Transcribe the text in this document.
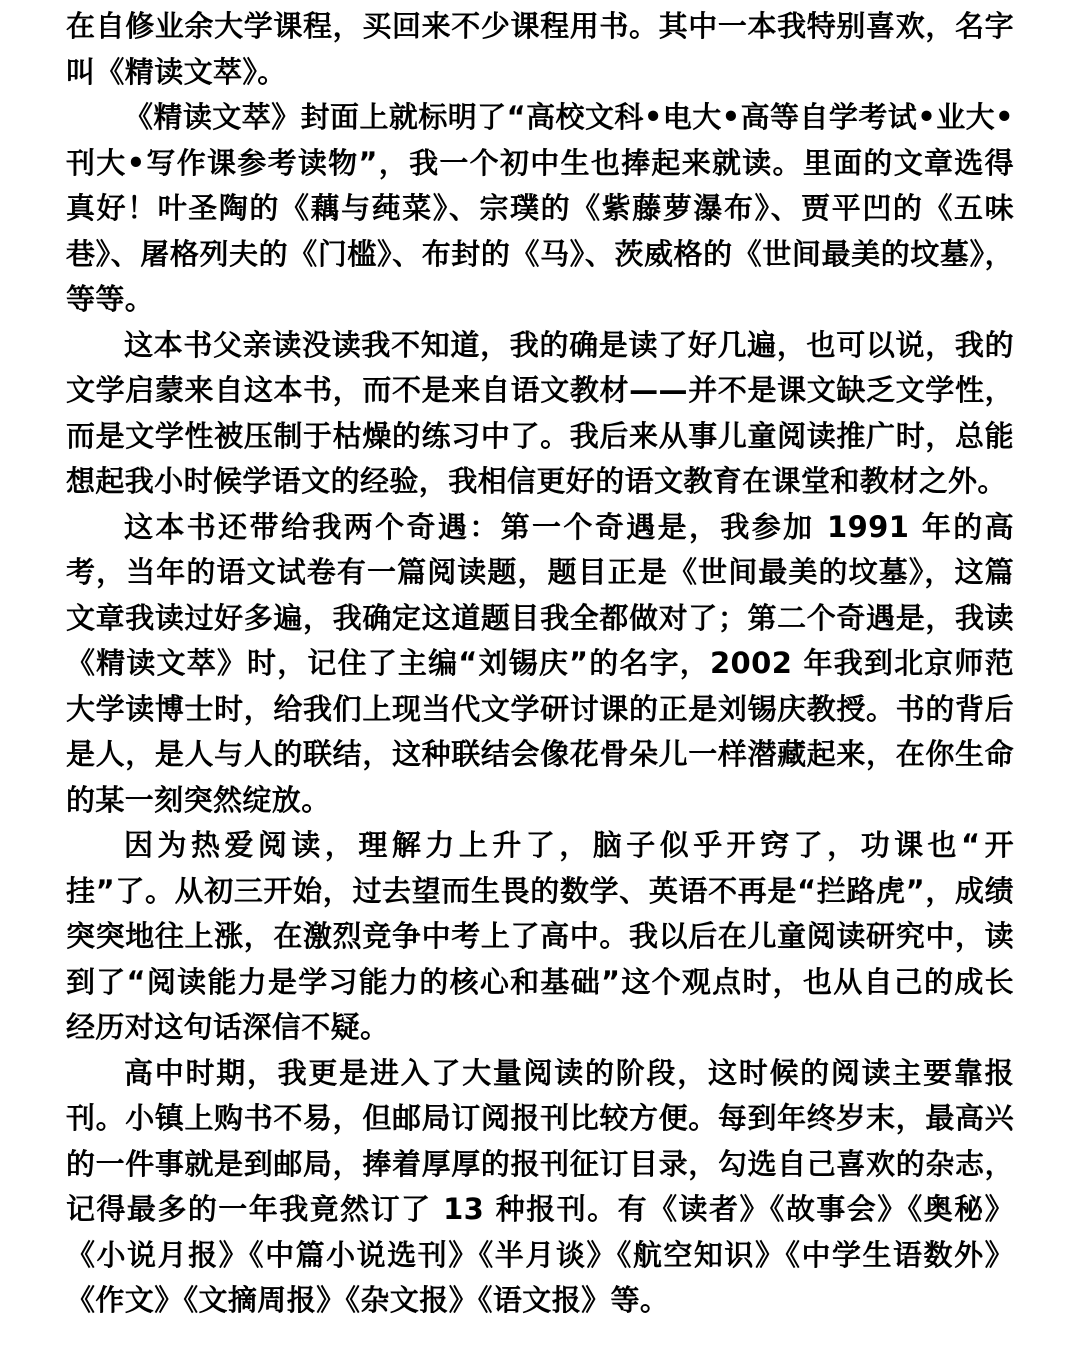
在自修业余大学课程，买回来不少课程用书。其中一本我特别喜欢，名字叫《精读文萃》。

《精读文萃》封面上就标明了“高校文科•电大•高等自学考试•业大•刊大•写作课参考读物”，我一个初中生也捧起来就读。里面的文章选得真好！叶圣陶的《藕与莼菜》、宗璞的《紫藤萝瀑布》、贾平凹的《五味巷》、屠格列夫的《门槛》、布封的《马》、茨威格的《世间最美的坟墓》，等等。

这本书父亲读没读我不知道，我的确是读了好几遍，也可以说，我的文学启蒙来自这本书，而不是来自语文教材——并不是课文缺乏文学性，而是文学性被压制于枯燥的练习中了。我后来从事儿童阅读推广时，总能想起我小时候学语文的经验，我相信更好的语文教育在课堂和教材之外。

这本书还带给我两个奇遇：第一个奇遇是，我参加 1991 年的高考，当年的语文试卷有一篇阅读题，题目正是《世间最美的坟墓》，这篇文章我读过好多遍，我确定这道题目我全都做对了；第二个奇遇是，我读《精读文萃》时，记住了主编“刘锡庆”的名字，2002 年我到北京师范大学读博士时，给我们上现当代文学研讨课的正是刘锡庆教授。书的背后是人，是人与人的联结，这种联结会像花骨朵儿一样潜藏起来，在你生命的某一刻突然绽放。

因为热爱阅读，理解力上升了，脑子似乎开窍了，功课也“开挂”了。从初三开始，过去望而生畏的数学、英语不再是“拦路虎”，成绩突突地往上涨，在激烈竞争中考上了高中。我以后在儿童阅读研究中，读到了“阅读能力是学习能力的核心和基础”这个观点时，也从自己的成长经历对这句话深信不疑。

高中时期，我更是进入了大量阅读的阶段，这时候的阅读主要靠报刊。小镇上购书不易，但邮局订阅报刊比较方便。每到年终岁末，最高兴的一件事就是到邮局，捧着厚厚的报刊征订目录，勾选自己喜欢的杂志，记得最多的一年我竟然订了 13 种报刊。有《读者》《故事会》《奥秘》《小说月报》《中篇小说选刊》《半月谈》《航空知识》《中学生语数外》《作文》《文摘周报》《杂文报》《语文报》等。
